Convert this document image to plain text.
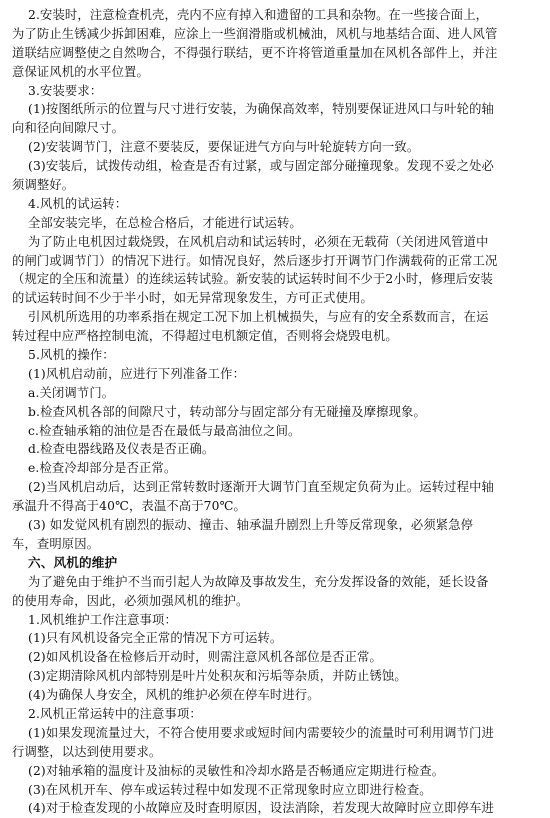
2.安装时，注意检查机壳，壳内不应有掉入和遗留的工具和杂物。在一些接合面上，
为了防止生锈减少拆卸困难，应涂上一些润滑脂或机械油，风机与地基结合面、进人风管
道联结应调整使之自然吻合，不得强行联结，更不许将管道重量加在风机各部件上，并注
意保证风机的水平位置。
3.安装要求：
(1)按图纸所示的位置与尺寸进行安装，为确保高效率，特别要保证进风口与叶轮的轴
向和径向间隙尺寸。
(2)安装调节门，注意不要装反，要保证进气方向与叶轮旋转方向一致。
(3)安装后，试拨传动组，检查是否有过紧，或与固定部分碰撞现象。发现不妥之处必
须调整好。
4.风机的试运转：
全部安装完毕，在总检合格后，才能进行试运转。
为了防止电机因过载烧毁，在风机启动和试运转时，必须在无载荷（关闭进风管道中
的闸门或调节门）的情况下进行。如情况良好，然后逐步打开调节门作满载荷的正常工况
（规定的全压和流量）的连续运转试验。新安装的试运转时间不少于2小时，修理后安装
的试运转时间不少于半小时，如无异常现象发生，方可正式使用。
引风机所选用的功率系指在规定工况下加上机械损失，与应有的安全系数而言，在运
转过程中应严格控制电流，不得超过电机额定值，否则将会烧毁电机。
5.风机的操作：
(1)风机启动前，应进行下列准备工作：
a.关闭调节门。
b.检查风机各部的间隙尺寸，转动部分与固定部分有无碰撞及摩擦现象。
c.检查轴承箱的油位是否在最低与最高油位之间。
d.检查电器线路及仪表是否正确。
e.检查冷却部分是否正常。
(2)当风机启动后，达到正常转数时逐渐开大调节门直至规定负荷为止。运转过程中轴
承温升不得高于40℃，表温不高于70℃。
(3) 如发觉风机有剧烈的振动、撞击、轴承温升剧烈上升等反常现象，必须紧急停
车，查明原因。
六、风机的维护
为了避免由于维护不当而引起人为故障及事故发生，充分发挥设备的效能，延长设备
的使用寿命，因此，必须加强风机的维护。
1.风机维护工作注意事项：
(1)只有风机设备完全正常的情况下方可运转。
(2)如风机设备在检修后开动时，则需注意风机各部位是否正常。
(3)定期清除风机内部特别是叶片处积灰和污垢等杂质，并防止锈蚀。
(4)为确保人身安全，风机的维护必须在停车时进行。
2.风机正常运转中的注意事项：
(1)如果发现流量过大，不符合使用要求或短时间内需要较少的流量时可利用调节门进
行调整，以达到使用要求。
(2)对轴承箱的温度计及油标的灵敏性和冷却水路是否畅通应定期进行检查。
(3)在风机开车、停车或运转过程中如发现不正常现象时应立即进行检查。
(4)对于检查发现的小故障应及时查明原因，设法消除，若发现大故障时应立即停车进
